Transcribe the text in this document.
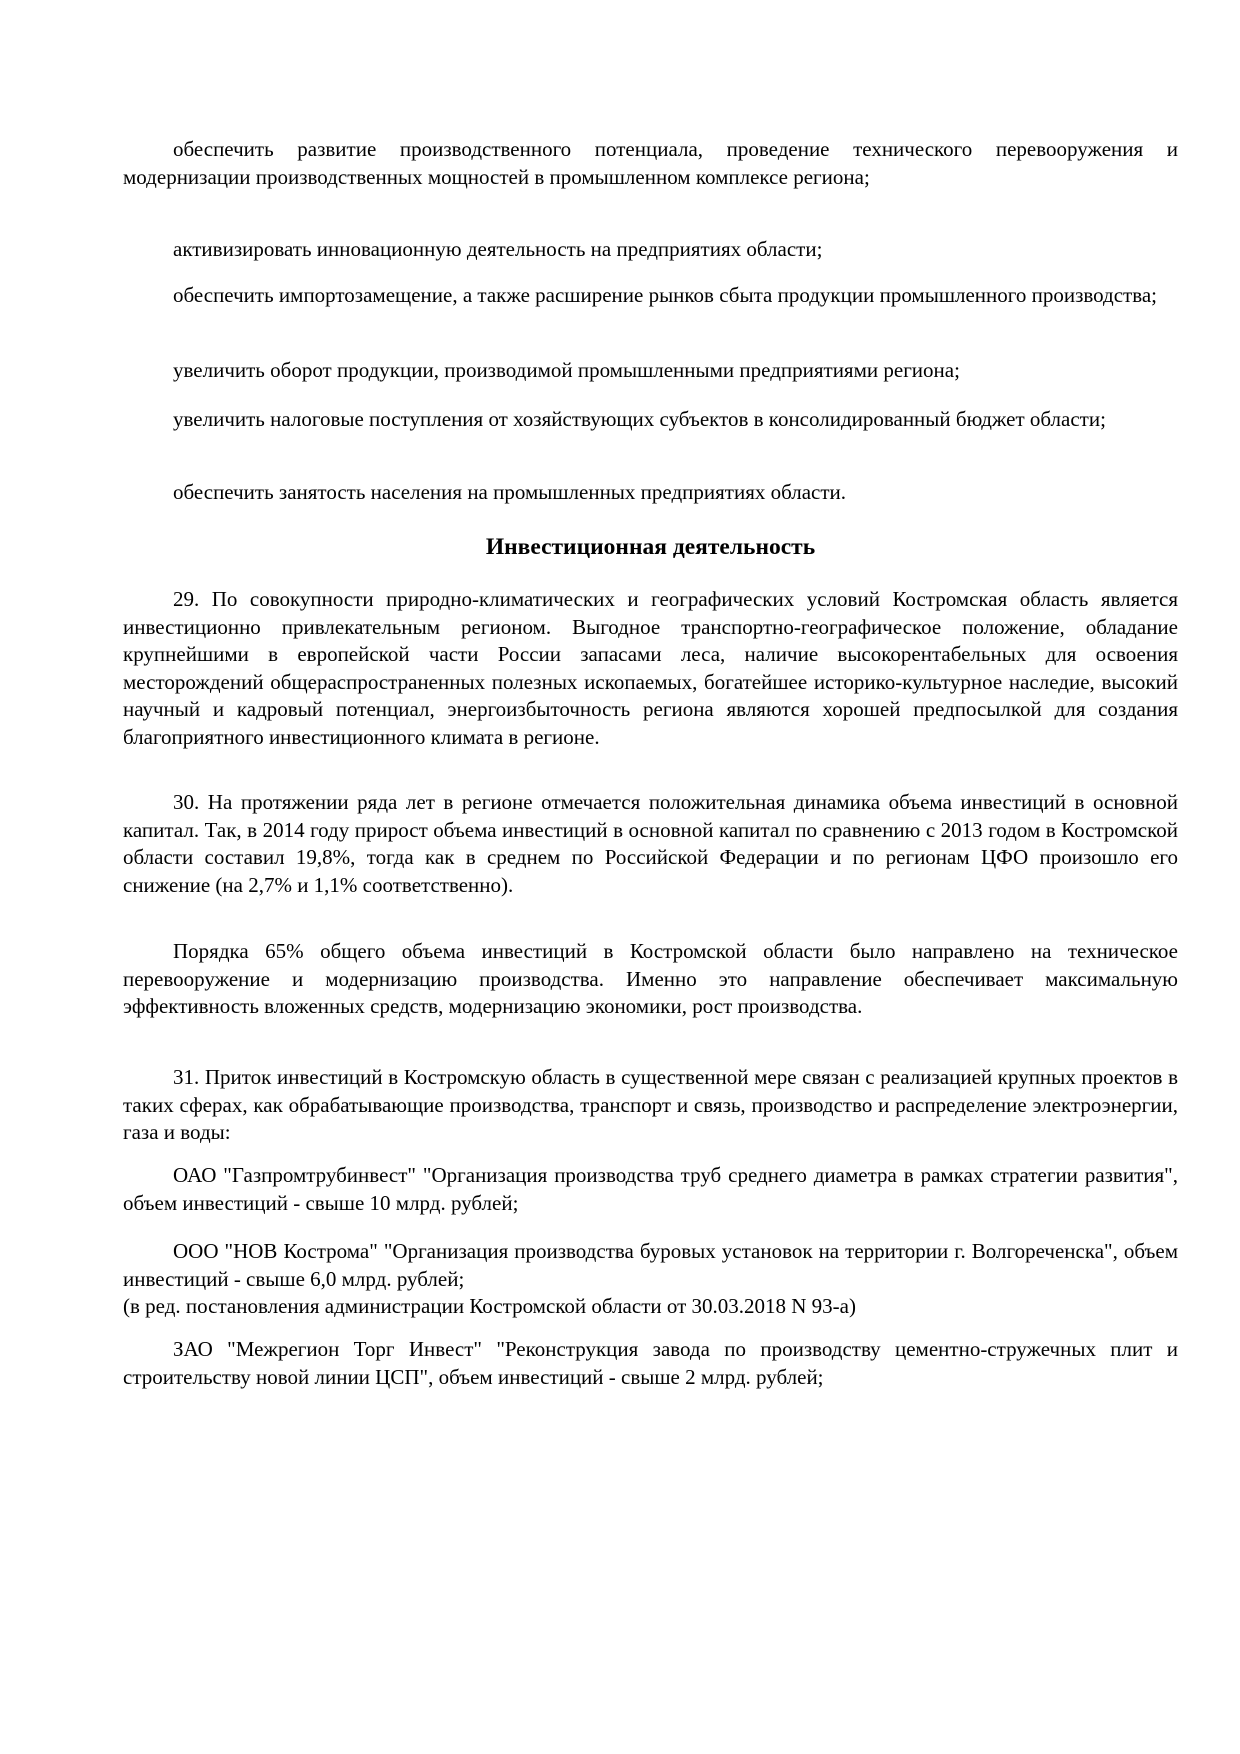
обеспечить развитие производственного потенциала, проведение технического перевооружения и модернизации производственных мощностей в промышленном комплексе региона;
активизировать инновационную деятельность на предприятиях области;
обеспечить импортозамещение, а также расширение рынков сбыта продукции промышленного производства;
увеличить оборот продукции, производимой промышленными предприятиями региона;
увеличить налоговые поступления от хозяйствующих субъектов в консолидированный бюджет области;
обеспечить занятость населения на промышленных предприятиях области.
Инвестиционная деятельность
29. По совокупности природно-климатических и географических условий Костромская область является инвестиционно привлекательным регионом. Выгодное транспортно-географическое положение, обладание крупнейшими в европейской части России запасами леса, наличие высокорентабельных для освоения месторождений общераспространенных полезных ископаемых, богатейшее историко-культурное наследие, высокий научный и кадровый потенциал, энергоизбыточность региона являются хорошей предпосылкой для создания благоприятного инвестиционного климата в регионе.
30. На протяжении ряда лет в регионе отмечается положительная динамика объема инвестиций в основной капитал. Так, в 2014 году прирост объема инвестиций в основной капитал по сравнению с 2013 годом в Костромской области составил 19,8%, тогда как в среднем по Российской Федерации и по регионам ЦФО произошло его снижение (на 2,7% и 1,1% соответственно).
Порядка 65% общего объема инвестиций в Костромской области было направлено на техническое перевооружение и модернизацию производства. Именно это направление обеспечивает максимальную эффективность вложенных средств, модернизацию экономики, рост производства.
31. Приток инвестиций в Костромскую область в существенной мере связан с реализацией крупных проектов в таких сферах, как обрабатывающие производства, транспорт и связь, производство и распределение электроэнергии, газа и воды:
ОАО "Газпромтрубинвест" "Организация производства труб среднего диаметра в рамках стратегии развития", объем инвестиций - свыше 10 млрд. рублей;
ООО "НОВ Кострома" "Организация производства буровых установок на территории г. Волгореченска", объем инвестиций - свыше 6,0 млрд. рублей;
(в ред. постановления администрации Костромской области от 30.03.2018 N 93-а)
ЗАО "Межрегион Торг Инвест" "Реконструкция завода по производству цементно-стружечных плит и строительству новой линии ЦСП", объем инвестиций - свыше 2 млрд. рублей;
